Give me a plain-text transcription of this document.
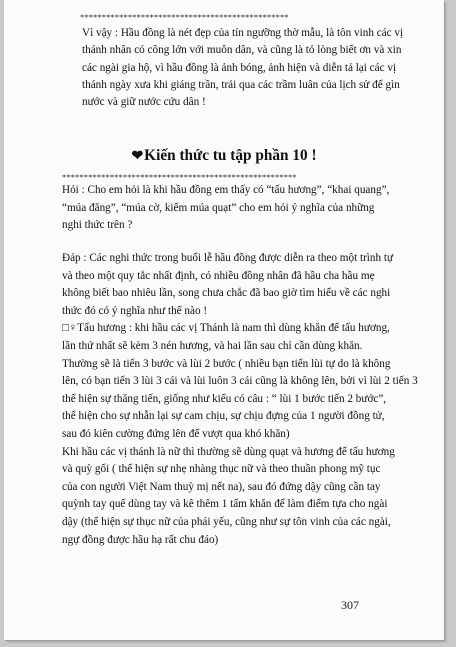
************************************************
Vì vậy : Hầu đồng là nét đẹp của tín ngưỡng thờ mẫu, là tôn vinh các vị
thánh nhân có công lớn với muôn dân, và cũng là tỏ lòng biết ơn và xin
các ngài gia hộ, vì hầu đồng là ảnh bóng, ảnh hiện và diễn tả lại các vị
thánh ngày xưa khi giáng trần, trải qua các trầm luân của lịch sử để gìn
nước và giữ nước cứu dân !
❤Kiến thức tu tập phần 10 !
******************************************************
Hỏi : Cho em hỏi là khi hầu đồng em thấy có “tấu hương”, “khai quang”,
“múa đăng”, “múa cờ, kiếm múa quạt” cho em hỏi ý nghĩa của những
nghi thức trên ?
Đáp : Các nghi thức trong buổi lễ hầu đồng được diễn ra theo một trình tự
và theo một quy tắc nhất định, có nhiều đồng nhân đã hầu cha hầu mẹ
không biết bao nhiêu lần, song chưa chắc đã bao giờ tìm hiểu về các nghi
thức đó có ý nghĩa như thế nào !
□♀Tấu hương : khi hầu các vị Thánh là nam thì dùng khăn để tấu hương,
lần thứ nhất sẽ kèm 3 nén hương, và hai lần sau chỉ cần dùng khăn.
Thường sẽ là tiến 3 bước và lùi 2 bước ( nhiều bạn tiến lùi tự do là không
lên, có bạn tiến 3 lùi 3 cái và lùi luôn 3 cái cũng là không lên, bởi vì lùi 2 tiến 3
thể hiện sự thăng tiến, giống như kiểu có câu : “ lùi 1 bước tiến 2 bước”,
thể hiện cho sự nhẫn lại sự cam chịu, sự chịu đựng của 1 người đồng tử,
sau đó kiên cường đứng lên để vượt qua khó khăn)
Khi hầu các vị thánh là nữ thì thường sẽ dùng quạt và hương để tấu hương
và quỳ gối ( thể hiện sự nhẹ nhàng thục nữ và theo thuần phong mỹ tục
của con người Việt Nam thuỳ mị nết na), sau đó đứng dậy cũng cần tay
quỳnh tay quế dùng tay và kê thêm 1 tấm khăn để làm điểm tựa cho ngài
dậy (thể hiện sự thục nữ của phái yếu, cũng như sự tôn vinh của các ngài,
ngự đồng được hầu hạ rất chu đáo)
307
